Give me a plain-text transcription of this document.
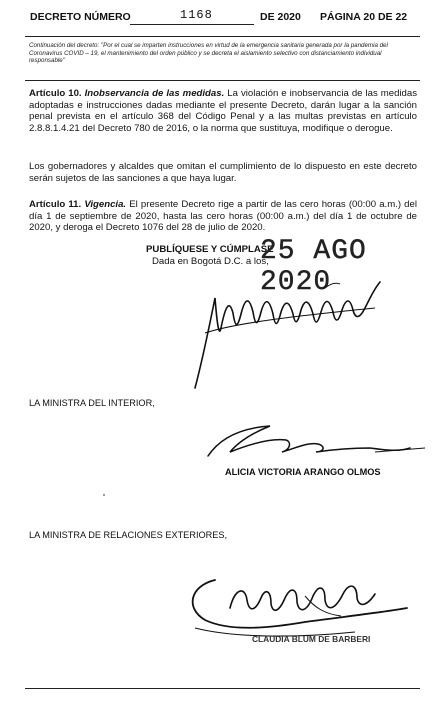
DECRETO NÚMERO	1168	DE 2020 PÁGINA 20 DE 22
Continuación del decreto: "Por el cual se imparten instrucciones en virtud de la emergencia sanitaria generada por la pandemia del Coronavirus COVID – 19, el mantenimiento del orden público y se decreta el aislamiento selectivo con distanciamiento individual responsable"
Artículo 10. Inobservancia de las medidas. La violación e inobservancia de las medidas adoptadas e instrucciones dadas mediante el presente Decreto, darán lugar a la sanción penal prevista en el artículo 368 del Código Penal y a las multas previstas en artículo 2.8.8.1.4.21 del Decreto 780 de 2016, o la norma que sustituya, modifique o derogue.
Los gobernadores y alcaldes que omitan el cumplimiento de lo dispuesto en este decreto serán sujetos de las sanciones a que haya lugar.
Artículo 11. Vigencia. El presente Decreto rige a partir de las cero horas (00:00 a.m.) del día 1 de septiembre de 2020, hasta las cero horas (00:00 a.m.) del día 1 de octubre de 2020, y deroga el Decreto 1076 del 28 de julio de 2020.
PUBLÍQUESE Y CÚMPLASE
Dada en Bogotá D.C. a los,
25 AGO 2020
LA MINISTRA DEL INTERIOR,
ALICIA VICTORIA ARANGO OLMOS
LA MINISTRA DE RELACIONES EXTERIORES,
CLAUDIA BLUM DE BARBERI
